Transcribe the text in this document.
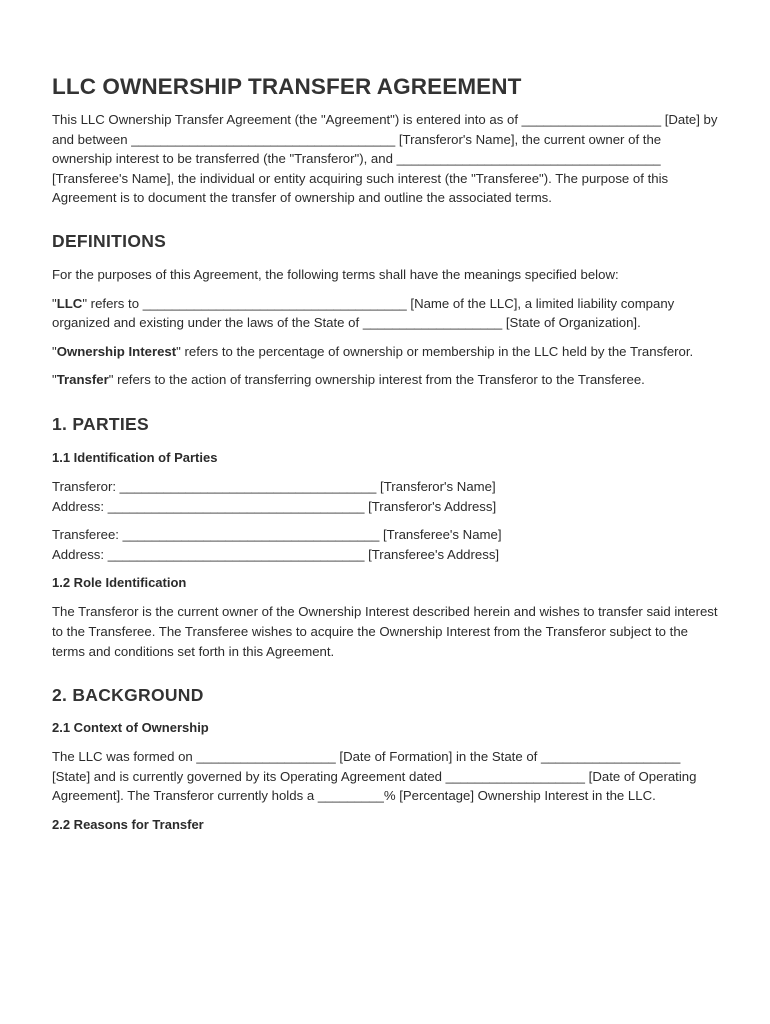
LLC OWNERSHIP TRANSFER AGREEMENT

This LLC Ownership Transfer Agreement (the "Agreement") is entered into as of ___________________ [Date] by and between ____________________________________ [Transferor's Name], the current owner of the ownership interest to be transferred (the "Transferor"), and ____________________________________ [Transferee's Name], the individual or entity acquiring such interest (the "Transferee"). The purpose of this Agreement is to document the transfer of ownership and outline the associated terms.

DEFINITIONS

For the purposes of this Agreement, the following terms shall have the meanings specified below:

"LLC" refers to ____________________________________ [Name of the LLC], a limited liability company organized and existing under the laws of the State of ___________________ [State of Organization].

"Ownership Interest" refers to the percentage of ownership or membership in the LLC held by the Transferor.

"Transfer" refers to the action of transferring ownership interest from the Transferor to the Transferee.

1. PARTIES
1.1 Identification of Parties

Transferor: ___________________________________ [Transferor's Name]

Address: ___________________________________ [Transferor's Address]

Transferee: ___________________________________ [Transferee's Name]

Address: ___________________________________ [Transferee's Address]

1.2 Role Identification

The Transferor is the current owner of the Ownership Interest described herein and wishes to transfer said interest to the Transferee. The Transferee wishes to acquire the Ownership Interest from the Transferor subject to the terms and conditions set forth in this Agreement.

2. BACKGROUND
2.1 Context of Ownership

The LLC was formed on ___________________ [Date of Formation] in the State of ___________________ [State] and is currently governed by its Operating Agreement dated ___________________ [Date of Operating Agreement]. The Transferor currently holds a _________% [Percentage] Ownership Interest in the LLC.

2.2 Reasons for Transfer
